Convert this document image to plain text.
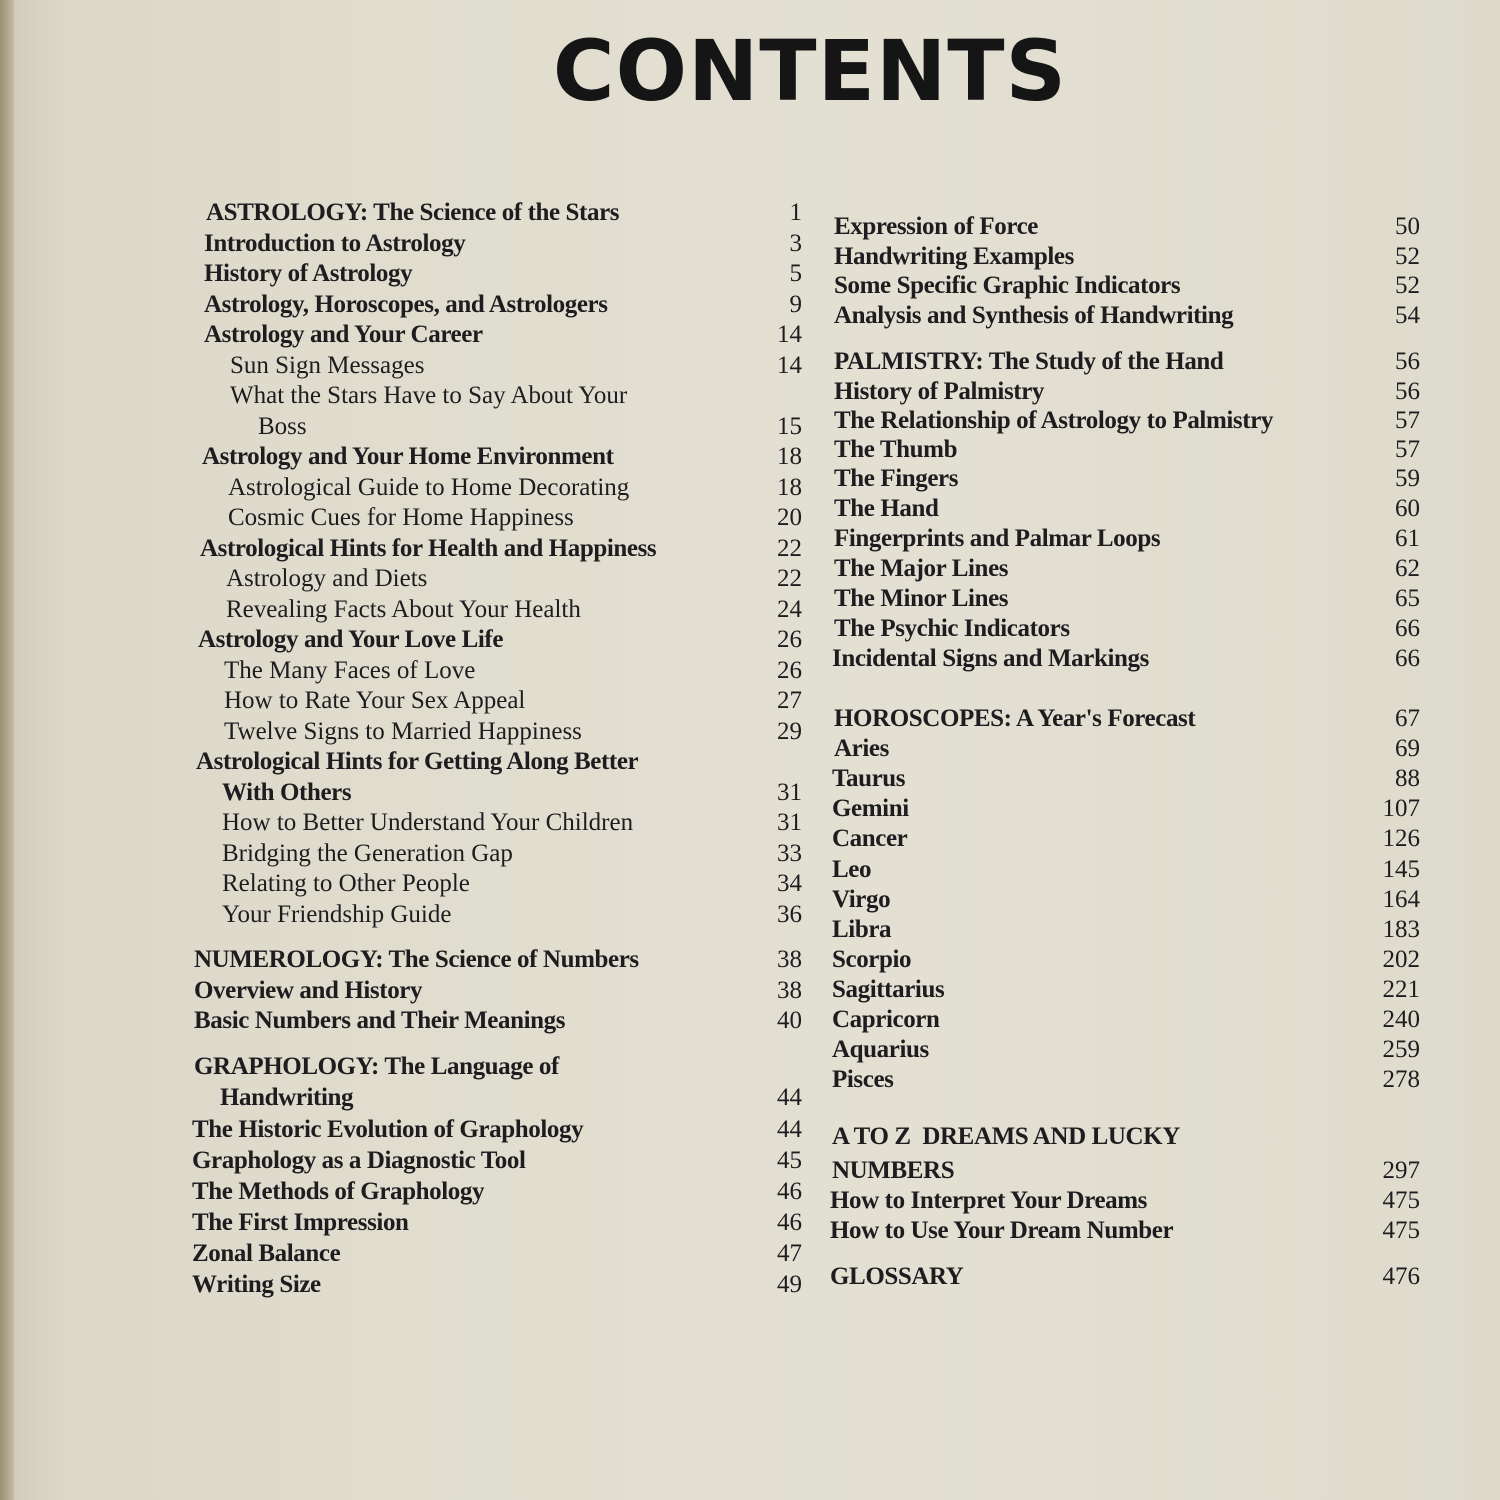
CONTENTS
ASTROLOGY: The Science of the Stars	1
Introduction to Astrology	3
History of Astrology	5
Astrology, Horoscopes, and Astrologers	9
Astrology and Your Career	14
Sun Sign Messages	14
What the Stars Have to Say About Your
Boss	15
Astrology and Your Home Environment	18
Astrological Guide to Home Decorating	18
Cosmic Cues for Home Happiness	20
Astrological Hints for Health and Happiness	22
Astrology and Diets	22
Revealing Facts About Your Health	24
Astrology and Your Love Life	26
The Many Faces of Love	26
How to Rate Your Sex Appeal	27
Twelve Signs to Married Happiness	29
Astrological Hints for Getting Along Better
With Others	31
How to Better Understand Your Children	31
Bridging the Generation Gap	33
Relating to Other People	34
Your Friendship Guide	36
NUMEROLOGY: The Science of Numbers	38
Overview and History	38
Basic Numbers and Their Meanings	40
GRAPHOLOGY: The Language of
Handwriting	44
The Historic Evolution of Graphology	44
Graphology as a Diagnostic Tool	45
The Methods of Graphology	46
The First Impression	46
Zonal Balance	47
Writing Size	49
Expression of Force	50
Handwriting Examples	52
Some Specific Graphic Indicators	52
Analysis and Synthesis of Handwriting	54
PALMISTRY: The Study of the Hand	56
History of Palmistry	56
The Relationship of Astrology to Palmistry	57
The Thumb	57
The Fingers	59
The Hand	60
Fingerprints and Palmar Loops	61
The Major Lines	62
The Minor Lines	65
The Psychic Indicators	66
Incidental Signs and Markings	66
HOROSCOPES: A Year's Forecast	67
Aries	69
Taurus	88
Gemini	107
Cancer	126
Leo	145
Virgo	164
Libra	183
Scorpio	202
Sagittarius	221
Capricorn	240
Aquarius	259
Pisces	278
A TO Z  DREAMS AND LUCKY
NUMBERS	297
How to Interpret Your Dreams	475
How to Use Your Dream Number	475
GLOSSARY	476
